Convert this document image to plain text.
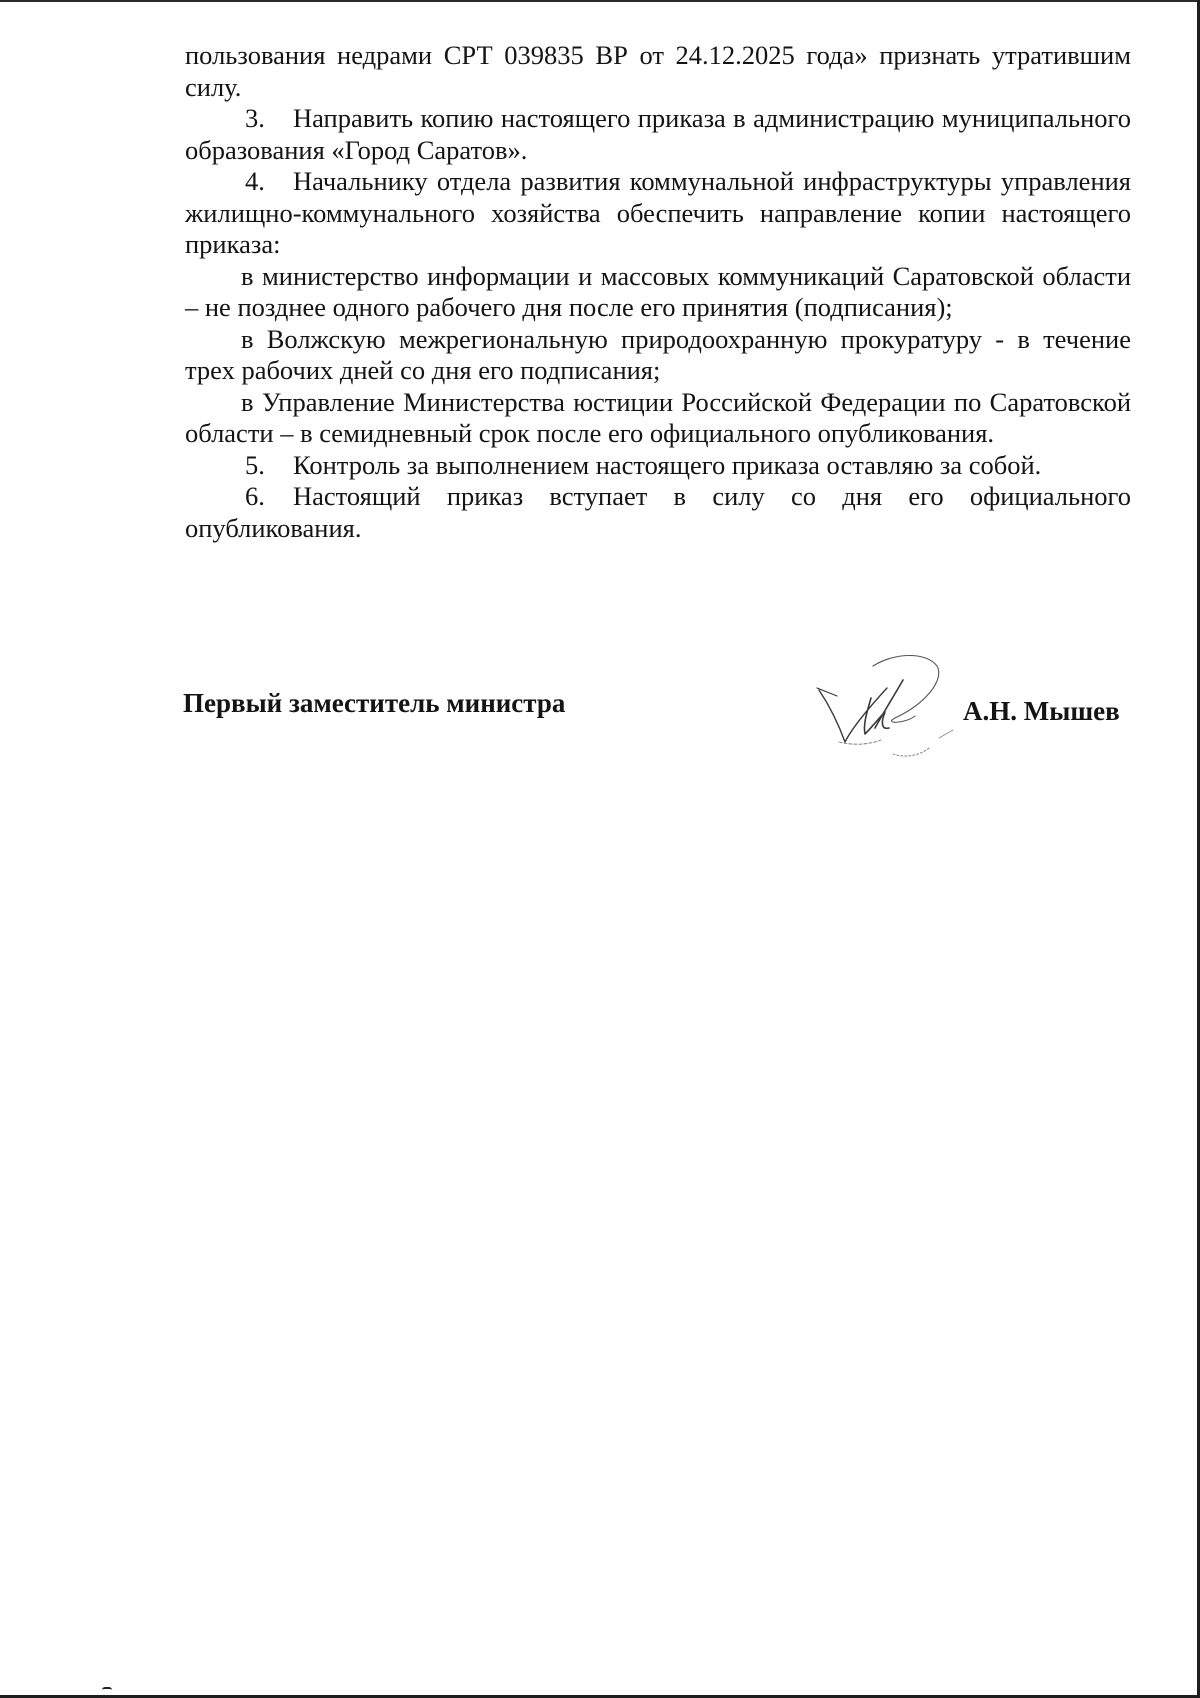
пользования недрами СРТ 039835 ВР от 24.12.2025 года» признать утратившим силу.

3. Направить копию настоящего приказа в администрацию муниципального образования «Город Саратов».

4. Начальнику отдела развития коммунальной инфраструктуры управления жилищно-коммунального хозяйства обеспечить направление копии настоящего приказа:

в министерство информации и массовых коммуникаций Саратовской области – не позднее одного рабочего дня после его принятия (подписания);

в Волжскую межрегиональную природоохранную прокуратуру - в течение трех рабочих дней со дня его подписания;

в Управление Министерства юстиции Российской Федерации по Саратовской области – в семидневный срок после его официального опубликования.

5. Контроль за выполнением настоящего приказа оставляю за собой.

6. Настоящий приказ вступает в силу со дня его официального опубликования.

Первый заместитель министра	А.Н. Мышев
